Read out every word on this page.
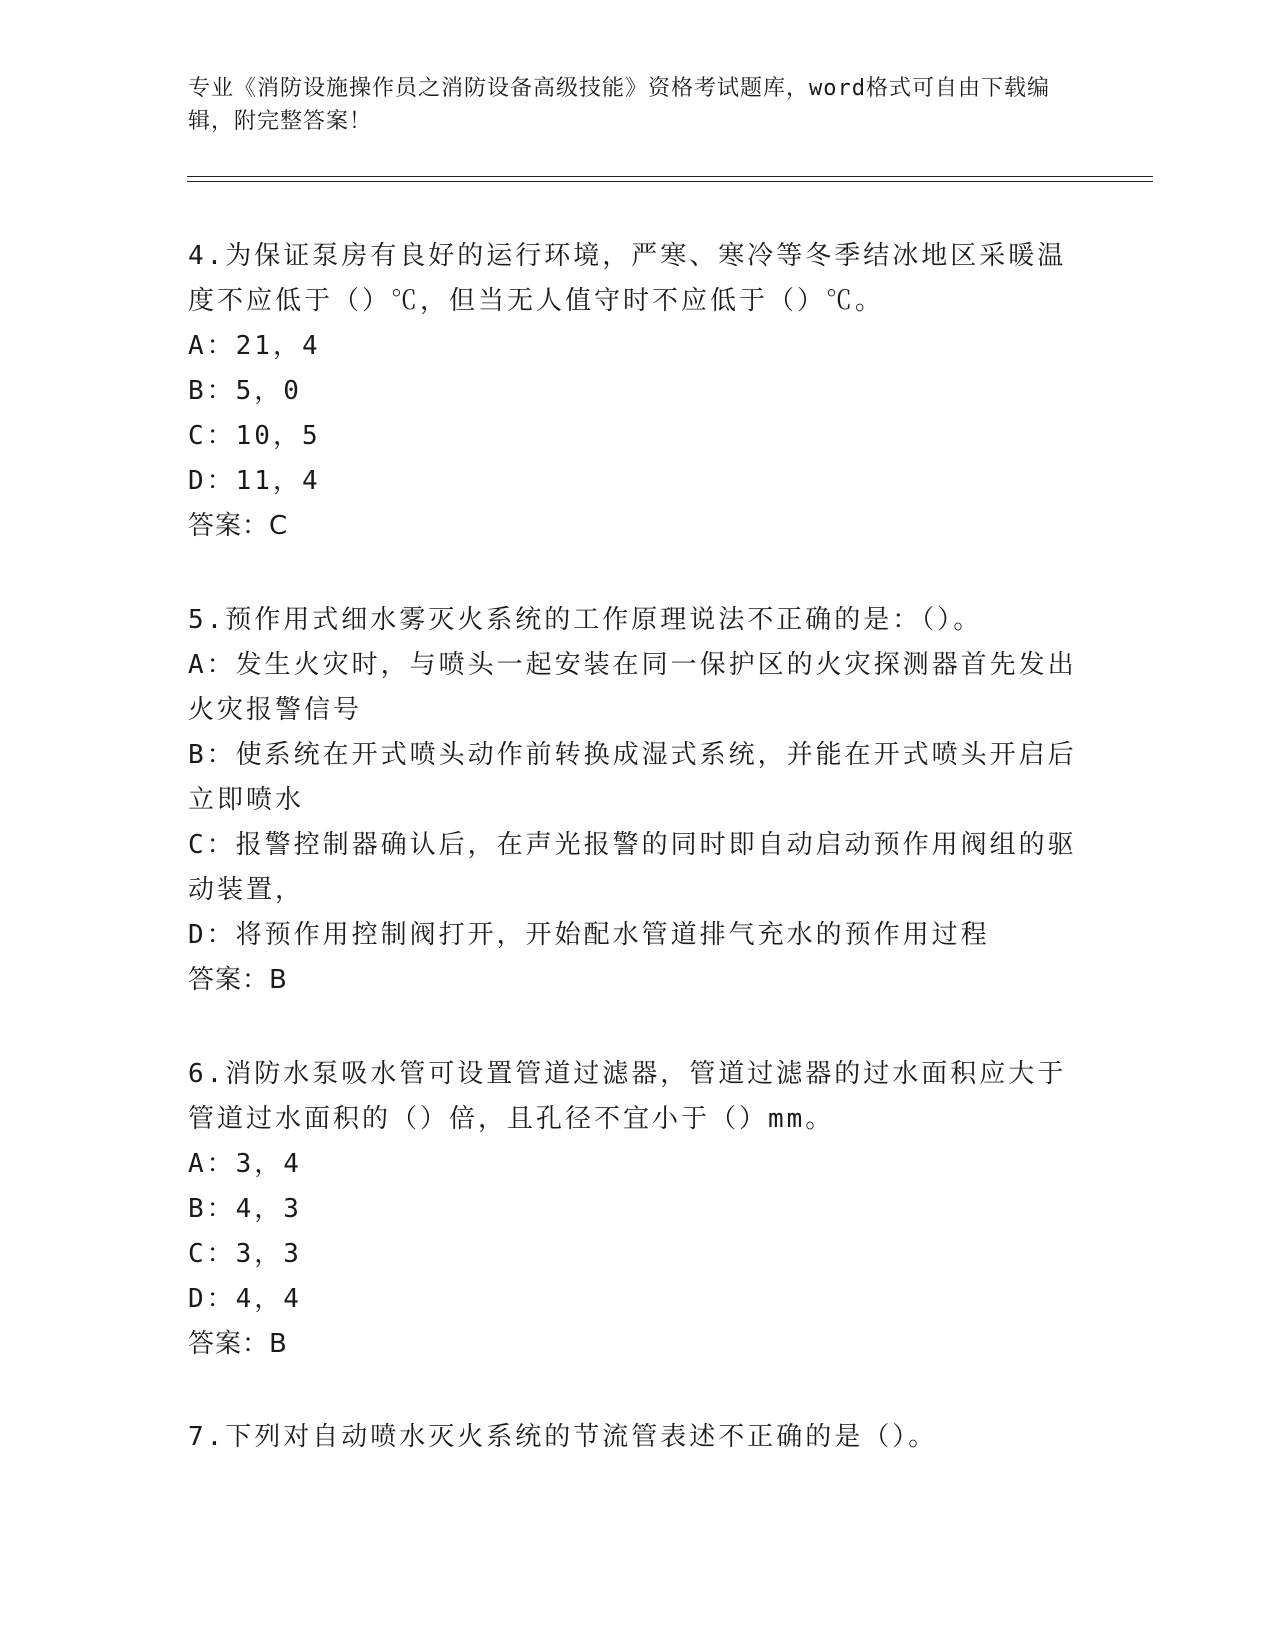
专业《消防设施操作员之消防设备高级技能》资格考试题库，word格式可自由下载编辑，附完整答案！
4.为保证泵房有良好的运行环境，严寒、寒冷等冬季结冰地区采暖温度不应低于（）℃，但当无人值守时不应低于（）℃。
A：21，4
B：5，0
C：10，5
D：11，4
答案：C
5.预作用式细水雾灭火系统的工作原理说法不正确的是：（）。
A：发生火灾时，与喷头一起安装在同一保护区的火灾探测器首先发出火灾报警信号
B：使系统在开式喷头动作前转换成湿式系统，并能在开式喷头开启后立即喷水
C：报警控制器确认后，在声光报警的同时即自动启动预作用阀组的驱动装置，
D：将预作用控制阀打开，开始配水管道排气充水的预作用过程
答案：B
6.消防水泵吸水管可设置管道过滤器，管道过滤器的过水面积应大于管道过水面积的（）倍，且孔径不宜小于（）mm。
A：3，4
B：4，3
C：3，3
D：4，4
答案：B
7.下列对自动喷水灭火系统的节流管表述不正确的是（）。
